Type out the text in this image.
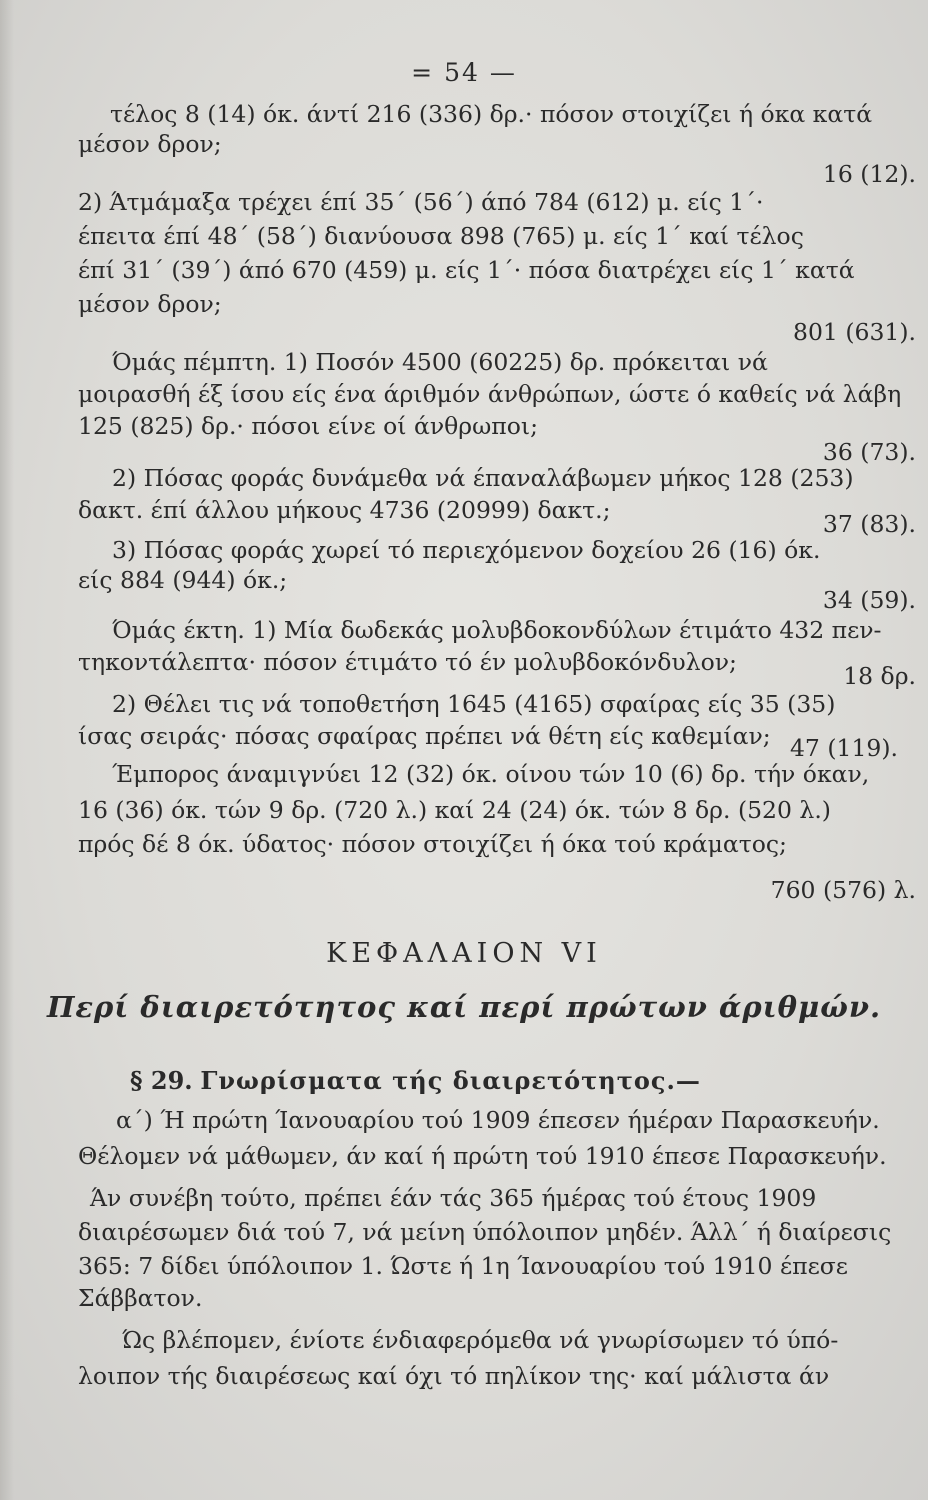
= 54 —
τέλος 8 (14) όκ. άντί 216 (336) δρ.· πόσον στοιχίζει ή όκα κατά
μέσον δρον;
2) Άτμάμαξα τρέχει έπί 35΄ (56΄) άπό 784 (612) μ. είς 1΄·
έπειτα έπί 48΄ (58΄) διανύουσα 898 (765) μ. είς 1΄ καί τέλος
έπί 31΄ (39΄) άπό 670 (459) μ. είς 1΄· πόσα διατρέχει είς 1΄ κατά
μέσον δρον;
Όμάς πέμπτη. 1) Ποσόν 4500 (60225) δρ. πρόκειται νά
μοιρασθή έξ ίσου είς ένα άριθμόν άνθρώπων, ώστε ό καθείς νά λάβη
125 (825) δρ.· πόσοι είνε οί άνθρωποι;
2) Πόσας φοράς δυνάμεθα νά έπαναλάβωμεν μήκος 128 (253)
δακτ. έπί άλλου μήκους 4736 (20999) δακτ.;
3) Πόσας φοράς χωρεί τό περιεχόμενον δοχείου 26 (16) όκ.
είς 884 (944) όκ.;
Όμάς έκτη. 1) Μία δωδεκάς μολυβδοκονδύλων έτιμάτο 432 πεν-
τηκοντάλεπτα· πόσον έτιμάτο τό έν μολυβδοκόνδυλον;
2) Θέλει τις νά τοποθετήση 1645 (4165) σφαίρας είς 35 (35)
ίσας σειράς· πόσας σφαίρας πρέπει νά θέτη είς καθεμίαν;
Έμπορος άναμιγνύει 12 (32) όκ. οίνου τών 10 (6) δρ. τήν όκαν,
16 (36) όκ. τών 9 δρ. (720 λ.) καί 24 (24) όκ. τών 8 δρ. (520 λ.)
πρός δέ 8 όκ. ύδατος· πόσον στοιχίζει ή όκα τού κράματος;
16 (12).
801 (631).
36 (73).
37 (83).
34 (59).
18 δρ.
47 (119).
760 (576) λ.
ΚΕΦΑΛΑΙΟΝ VI
Περί διαιρετότητος καί περί πρώτων άριθμών.
§ 29. Γνωρίσματα τής διαιρετότητος.—
α΄) Ή πρώτη Ίανουαρίου τού 1909 έπεσεν ήμέραν Παρασκευήν.
Θέλομεν νά μάθωμεν, άν καί ή πρώτη τού 1910 έπεσε Παρασκευήν.
Άν συνέβη τούτο, πρέπει έάν τάς 365 ήμέρας τού έτους 1909
διαιρέσωμεν διά τού 7, νά μείνη ύπόλοιπον μηδέν. Άλλ΄ ή διαίρεσις
365: 7 δίδει ύπόλοιπον 1. Ώστε ή 1η Ίανουαρίου τού 1910 έπεσε
Σάββατον.
Ώς βλέπομεν, ένίοτε ένδιαφερόμεθα νά γνωρίσωμεν τό ύπό-
λοιπον τής διαιρέσεως καί όχι τό πηλίκον της· καί μάλιστα άν
